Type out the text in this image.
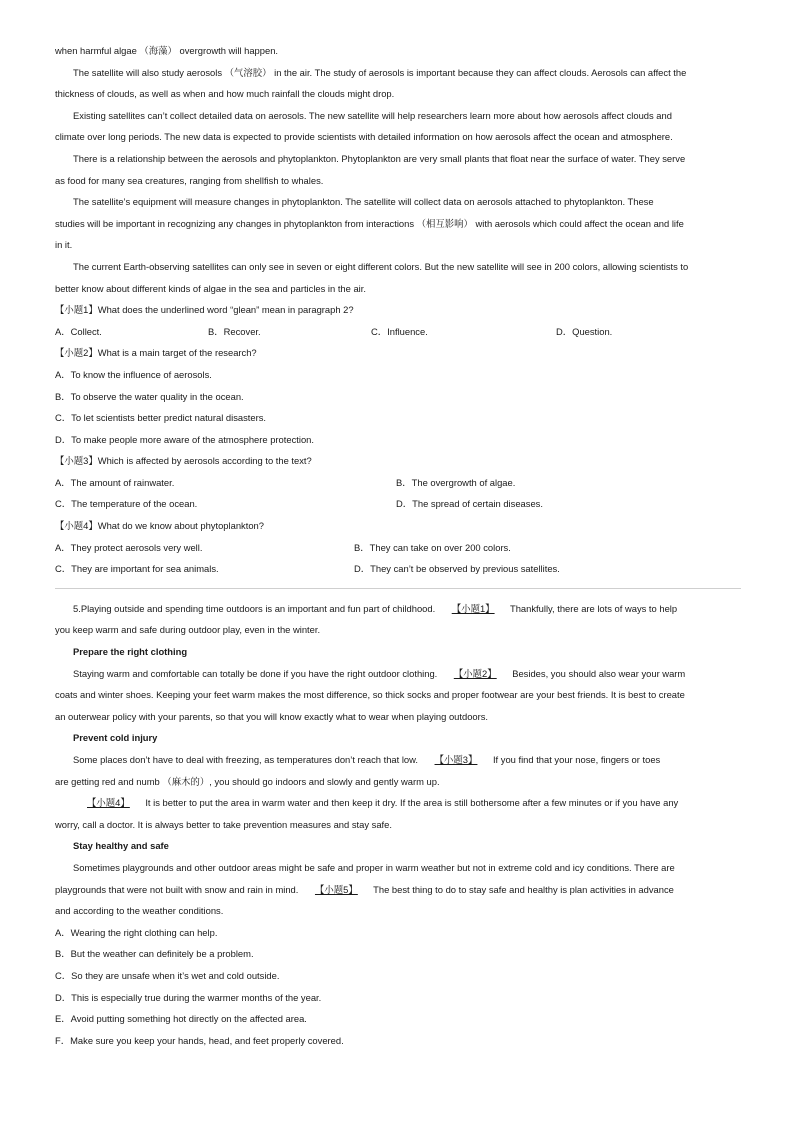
when harmful algae （海藻） overgrowth will happen.
The satellite will also study aerosols （气溶胶） in the air. The study of aerosols is important because they can affect clouds. Aerosols can affect the
thickness of clouds, as well as when and how much rainfall the clouds might drop.
Existing satellites can’t collect detailed data on aerosols. The new satellite will help researchers learn more about how aerosols affect clouds and
climate over long periods. The new data is expected to provide scientists with detailed information on how aerosols affect the ocean and atmosphere.
There is a relationship between the aerosols and phytoplankton. Phytoplankton are very small plants that float near the surface of water. They serve
as food for many sea creatures, ranging from shellfish to whales.
The satellite’s equipment will measure changes in phytoplankton. The satellite will collect data on aerosols attached to phytoplankton. These
studies will be important in recognizing any changes in phytoplankton from interactions （相互影响） with aerosols which could affect the ocean and life
in it.
The current Earth-observing satellites can only see in seven or eight different colors. But the new satellite will see in 200 colors, allowing scientists to
better know about different kinds of algae in the sea and particles in the air.
【小题1】What does the underlined word “glean” mean in paragraph 2?
A．Collect.	B．Recover.	C．Influence.	D．Question.
【小题2】What is a main target of the research?
A．To know the influence of aerosols.
B．To observe the water quality in the ocean.
C．To let scientists better predict natural disasters.
D．To make people more aware of the atmosphere protection.
【小题3】Which is affected by aerosols according to the text?
A．The amount of rainwater.	B．The overgrowth of algae.
C．The temperature of the ocean.	D．The spread of certain diseases.
【小题4】What do we know about phytoplankton?
A．They protect aerosols very well.	B．They can take on over 200 colors.
C．They are important for sea animals.	D．They can’t be observed by previous satellites.
5.Playing outside and spending time outdoors is an important and fun part of childhood. 【小题1】 Thankfully, there are lots of ways to help
you keep warm and safe during outdoor play, even in the winter.
Prepare the right clothing
Staying warm and comfortable can totally be done if you have the right outdoor clothing. 【小题2】 Besides, you should also wear your warm
coats and winter shoes. Keeping your feet warm makes the most difference, so thick socks and proper footwear are your best friends. It is best to create
an outerwear policy with your parents, so that you will know exactly what to wear when playing outdoors.
Prevent cold injury
Some places don’t have to deal with freezing, as temperatures don’t reach that low. 【小题3】 If you find that your nose, fingers or toes
are getting red and numb （麻木的）, you should go indoors and slowly and gently warm up.
【小题4】 It is better to put the area in warm water and then keep it dry. If the area is still bothersome after a few minutes or if you have any
worry, call a doctor. It is always better to take prevention measures and stay safe.
Stay healthy and safe
Sometimes playgrounds and other outdoor areas might be safe and proper in warm weather but not in extreme cold and icy conditions. There are
playgrounds that were not built with snow and rain in mind. 【小题5】 The best thing to do to stay safe and healthy is plan activities in advance
and according to the weather conditions.
A．Wearing the right clothing can help.
B．But the weather can definitely be a problem.
C．So they are unsafe when it’s wet and cold outside.
D．This is especially true during the warmer months of the year.
E．Avoid putting something hot directly on the affected area.
F．Make sure you keep your hands, head, and feet properly covered.
